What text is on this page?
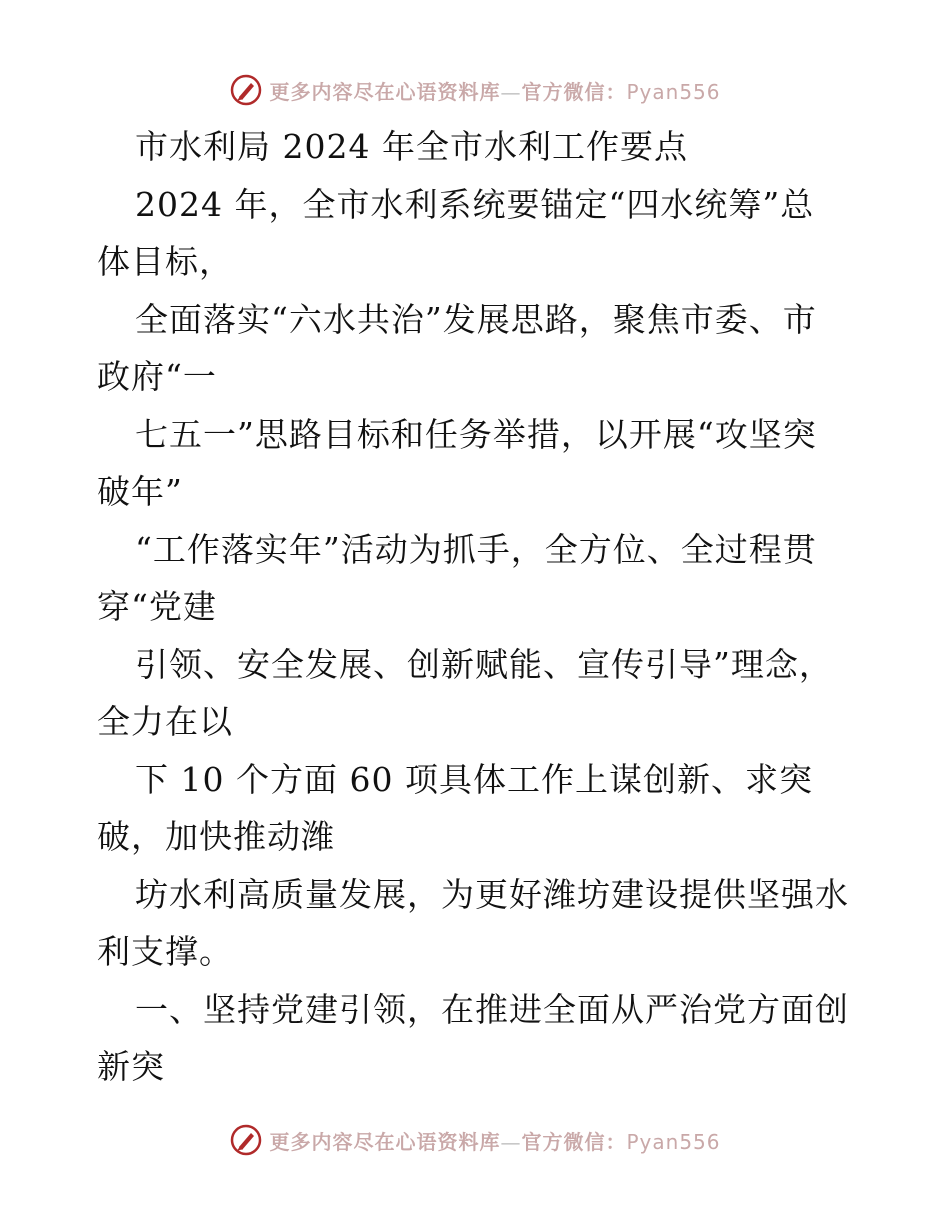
更多内容尽在心语资料库—官方微信：Pyan556
市水利局 2024 年全市水利工作要点
2024 年，全市水利系统要锚定“四水统筹”总
体目标，
全面落实“六水共治”发展思路，聚焦市委、市
政府“一
七五一”思路目标和任务举措，以开展“攻坚突
破年”
“工作落实年”活动为抓手，全方位、全过程贯
穿“党建
引领、安全发展、创新赋能、宣传引导”理念，
全力在以
下 10 个方面 60 项具体工作上谋创新、求突
破，加快推动潍
坊水利高质量发展，为更好潍坊建设提供坚强水
利支撑。
一、坚持党建引领，在推进全面从严治党方面创
新突
更多内容尽在心语资料库—官方微信：Pyan556
